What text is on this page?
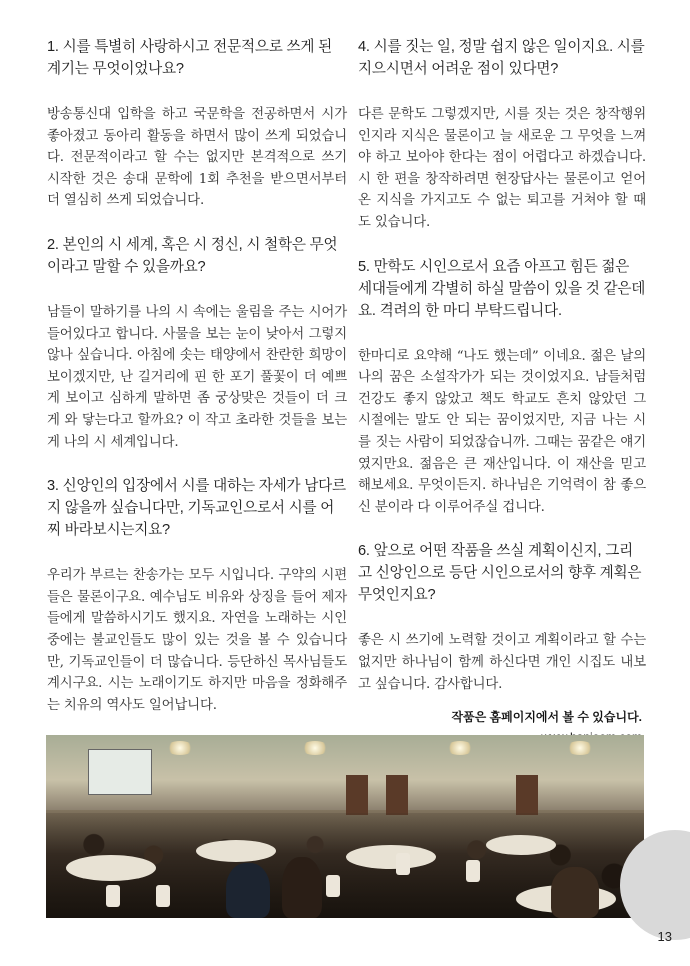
1. 시를 특별히 사랑하시고 전문적으로 쓰게 된 계기는 무엇이었나요?

방송통신대 입학을 하고 국문학을 전공하면서 시가 좋아졌고 동아리 활동을 하면서 많이 쓰게 되었습니다. 전문적이라고 할 수는 없지만 본격적으로 쓰기 시작한 것은 송대 문학에 1회 추천을 받으면서부터 더 열심히 쓰게 되었습니다.

2. 본인의 시 세계, 혹은 시 정신, 시 철학은 무엇이라고 말할 수 있을까요?

남들이 말하기를 나의 시 속에는 울림을 주는 시어가 들어있다고 합니다. 사물을 보는 눈이 낮아서 그렇지 않나 싶습니다. 아침에 솟는 태양에서 찬란한 희망이 보이겠지만, 난 길거리에 핀 한 포기 풀꽃이 더 예쁘게 보이고 심하게 말하면 좀 궁상맞은 것들이 더 크게 와 닿는다고 할까요? 이 작고 초라한 것들을 보는 게 나의 시 세계입니다.

3. 신앙인의 입장에서 시를 대하는 자세가 남다르지 않을까 싶습니다만, 기독교인으로서 시를 어찌 바라보시는지요?

우리가 부르는 찬송가는 모두 시입니다. 구약의 시편들은 물론이구요. 예수님도 비유와 상징을 들어 제자들에게 말씀하시기도 했지요. 자연을 노래하는 시인 중에는 불교인들도 많이 있는 것을 볼 수 있습니다만, 기독교인들이 더 많습니다. 등단하신 목사님들도 계시구요. 시는 노래이기도 하지만 마음을 정화해주는 치유의 역사도 일어납니다.

4. 시를 짓는 일, 정말 쉽지 않은 일이지요. 시를 지으시면서 어려운 점이 있다면?

다른 문학도 그렇겠지만, 시를 짓는 것은 창작행위인지라 지식은 물론이고 늘 새로운 그 무엇을 느껴야 하고 보아야 한다는 점이 어렵다고 하겠습니다. 시 한 편을 창작하려면 현장답사는 물론이고 얻어온 지식을 가지고도 수 없는 퇴고를 거쳐야 할 때도 있습니다.

5. 만학도 시인으로서 요즘 아프고 힘든 젊은 세대들에게 각별히 하실 말씀이 있을 것 같은데요. 격려의 한 마디 부탁드립니다.

한마디로 요약해 “나도 했는데” 이네요. 젊은 날의 나의 꿈은 소설작가가 되는 것이었지요. 남들처럼 건강도 좋지 않았고 책도 학교도 흔치 않았던 그 시절에는 말도 안 되는 꿈이었지만, 지금 나는 시를 짓는 사람이 되었잖습니까. 그때는 꿈같은 얘기였지만요. 젊음은 큰 재산입니다. 이 재산을 믿고 해보세요. 무엇이든지. 하나님은 기억력이 참 좋으신 분이라 다 이루어주실 겁니다.

6. 앞으로 어떤 작품을 쓰실 계획이신지, 그리고 신앙인으로 등단 시인으로서의 향후 계획은 무엇인지요?

좋은 시 쓰기에 노력할 것이고 계획이라고 할 수는 없지만 하나님이 함께 하신다면 개인 시집도 내보고 싶습니다. 감사합니다.

작품은 홈페이지에서 볼 수 있습니다.
13
